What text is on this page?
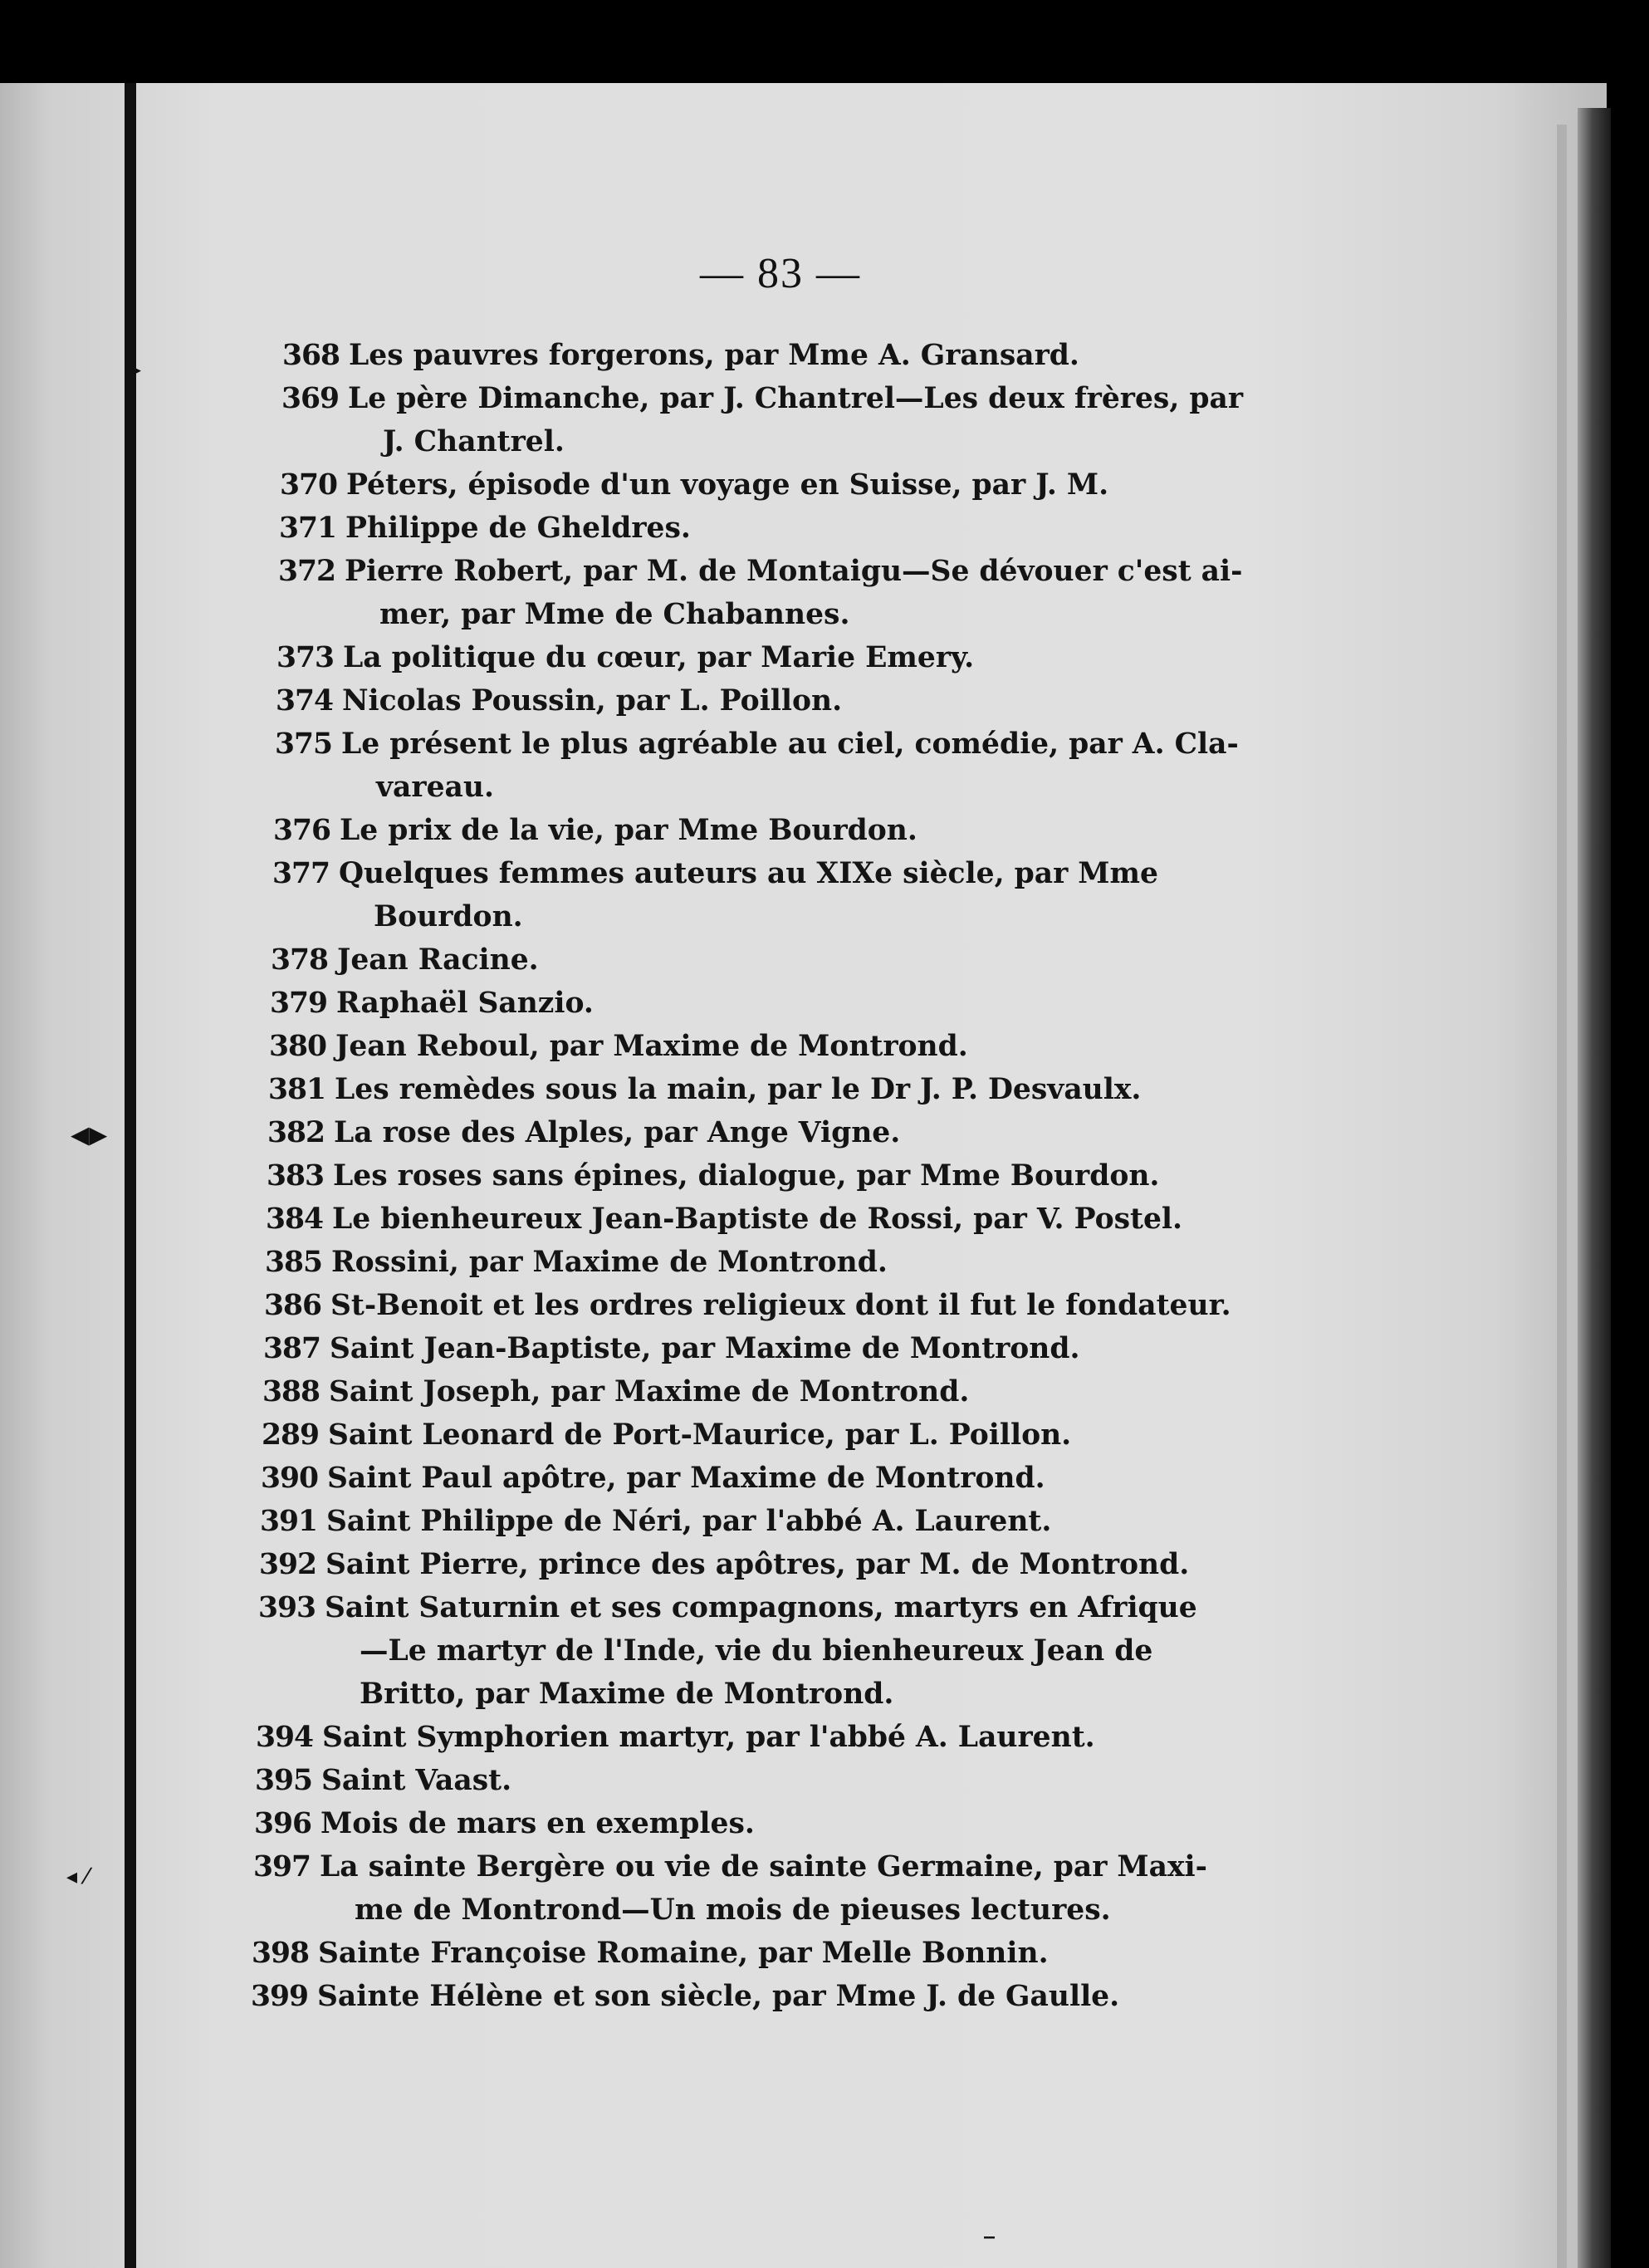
▸
◂▸
◂ ⁄
— 83 —
368 Les pauvres forgerons, par Mme A. Gransard.
369 Le père Dimanche, par J. Chantrel—Les deux frères, par
J. Chantrel.
370 Péters, épisode d'un voyage en Suisse, par J. M.
371 Philippe de Gheldres.
372 Pierre Robert, par M. de Montaigu—Se dévouer c'est ai-
mer, par Mme de Chabannes.
373 La politique du cœur, par Marie Emery.
374 Nicolas Poussin, par L. Poillon.
375 Le présent le plus agréable au ciel, comédie, par A. Cla-
vareau.
376 Le prix de la vie, par Mme Bourdon.
377 Quelques femmes auteurs au XIXe siècle, par Mme
Bourdon.
378 Jean Racine.
379 Raphaël Sanzio.
380 Jean Reboul, par Maxime de Montrond.
381 Les remèdes sous la main, par le Dr J. P. Desvaulx.
382 La rose des Alples, par Ange Vigne.
383 Les roses sans épines, dialogue, par Mme Bourdon.
384 Le bienheureux Jean-Baptiste de Rossi, par V. Postel.
385 Rossini, par Maxime de Montrond.
386 St-Benoit et les ordres religieux dont il fut le fondateur.
387 Saint Jean-Baptiste, par Maxime de Montrond.
388 Saint Joseph, par Maxime de Montrond.
289 Saint Leonard de Port-Maurice, par L. Poillon.
390 Saint Paul apôtre, par Maxime de Montrond.
391 Saint Philippe de Néri, par l'abbé A. Laurent.
392 Saint Pierre, prince des apôtres, par M. de Montrond.
393 Saint Saturnin et ses compagnons, martyrs en Afrique
—Le martyr de l'Inde, vie du bienheureux Jean de
Britto, par Maxime de Montrond.
394 Saint Symphorien martyr, par l'abbé A. Laurent.
395 Saint Vaast.
396 Mois de mars en exemples.
397 La sainte Bergère ou vie de sainte Germaine, par Maxi-
me de Montrond—Un mois de pieuses lectures.
398 Sainte Françoise Romaine, par Melle Bonnin.
399 Sainte Hélène et son siècle, par Mme J. de Gaulle.
‾
